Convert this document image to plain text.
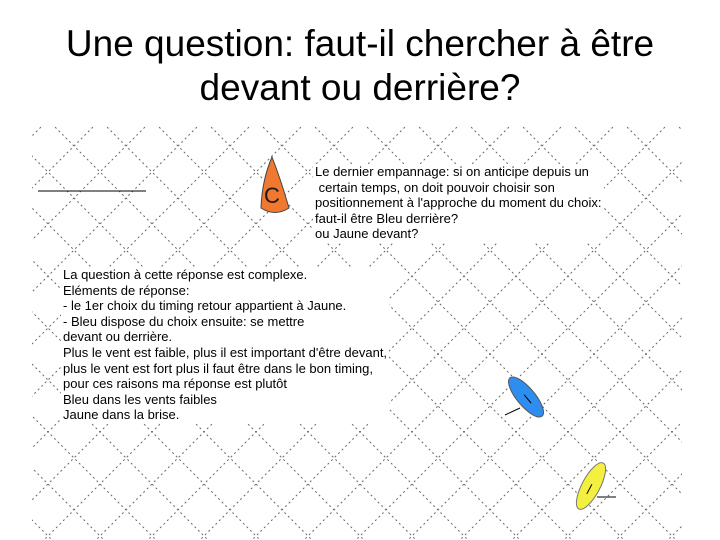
Une question: faut-il chercher à être
devant ou derrière?
C
Le dernier empannage: si on anticipe depuis un
certain temps, on doit pouvoir choisir son
positionnement à l'approche du moment du choix:
faut-il être Bleu derrière?
ou Jaune devant?
La question à cette réponse est complexe.
Eléments de réponse:
- le 1er choix du timing retour appartient à Jaune.
- Bleu dispose du choix ensuite: se mettre
devant ou derrière.
Plus le vent est faible, plus il est important d'être devant,
plus le vent est fort plus il faut être dans le bon timing,
pour ces raisons ma réponse est plutôt
Bleu dans les vents faibles
Jaune dans la brise.
